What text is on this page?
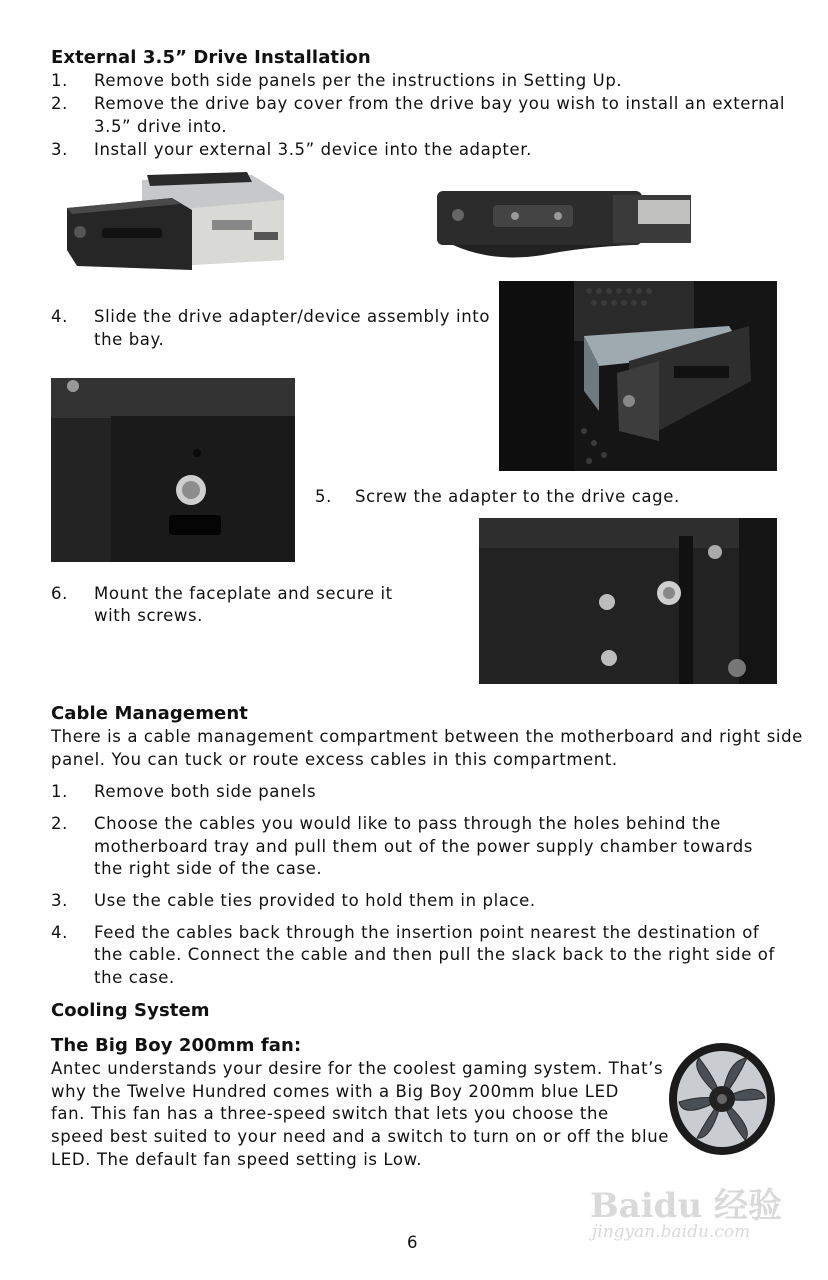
External 3.5” Drive Installation
1. Remove both side panels per the instructions in Setting Up.
2. Remove the drive bay cover from the drive bay you wish to install an external
3.5” drive into.
3. Install your external 3.5” device into the adapter.
4. Slide the drive adapter/device assembly into
the bay.
5. Screw the adapter to the drive cage.
6. Mount the faceplate and secure it
with screws.
Cable Management
There is a cable management compartment between the motherboard and right side
panel. You can tuck or route excess cables in this compartment.
1. Remove both side panels
2. Choose the cables you would like to pass through the holes behind the
motherboard tray and pull them out of the power supply chamber towards
the right side of the case.
3. Use the cable ties provided to hold them in place.
4. Feed the cables back through the insertion point nearest the destination of
the cable. Connect the cable and then pull the slack back to the right side of
the case.
Cooling System
The Big Boy 200mm fan:
Antec understands your desire for the coolest gaming system. That’s
why the Twelve Hundred comes with a Big Boy 200mm blue LED
fan. This fan has a three-speed switch that lets you choose the
speed best suited to your need and a switch to turn on or off the blue
LED. The default fan speed setting is Low.
6
Baidu 经验
jingyan.baidu.com
